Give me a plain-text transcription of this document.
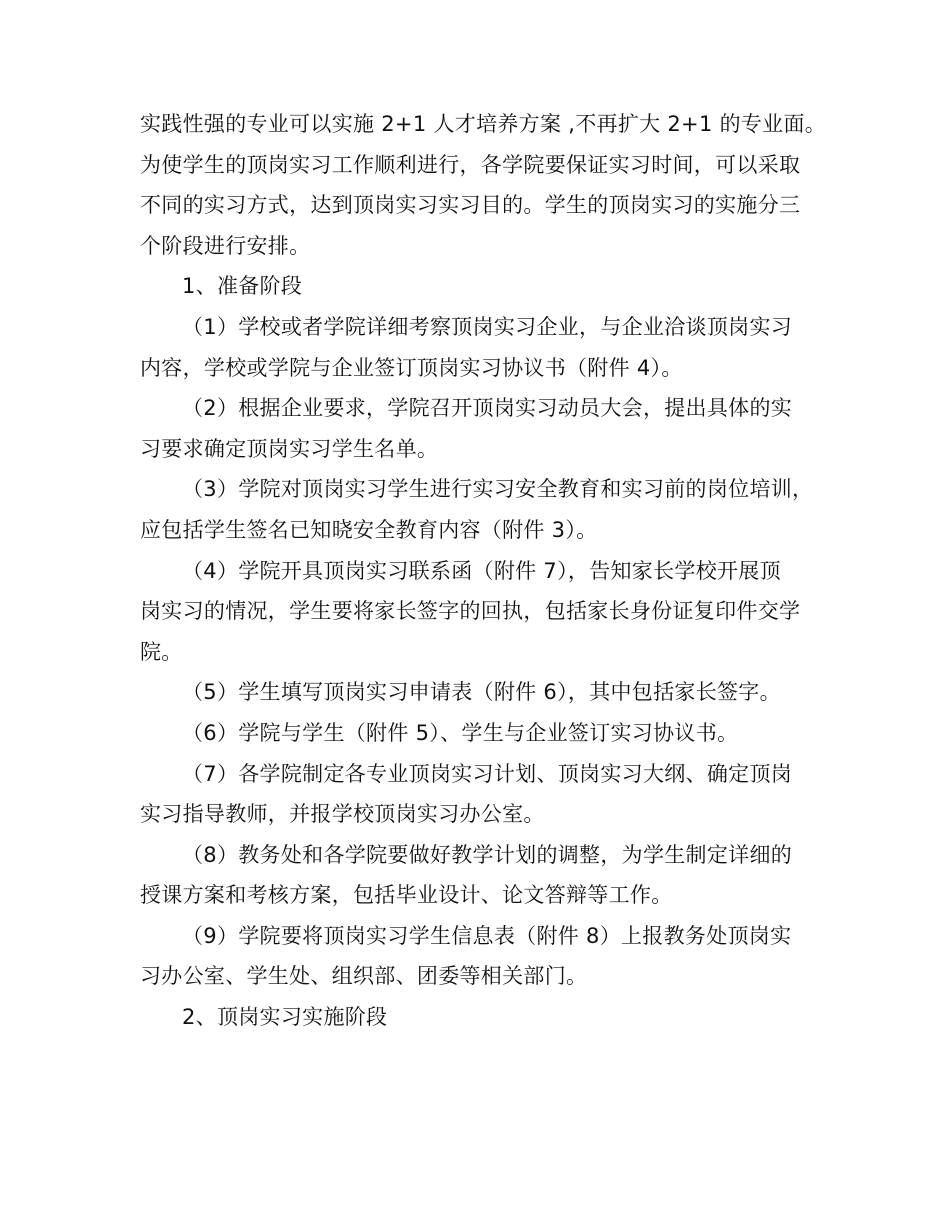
实践性强的专业可以实施 2+1 人才培养方案 ,不再扩大 2+1 的专业面。
为使学生的顶岗实习工作顺利进行，各学院要保证实习时间，可以采取
不同的实习方式，达到顶岗实习实习目的。学生的顶岗实习的实施分三
个阶段进行安排。
1、准备阶段
（1）学校或者学院详细考察顶岗实习企业，与企业洽谈顶岗实习
内容，学校或学院与企业签订顶岗实习协议书（附件 4）。
（2）根据企业要求，学院召开顶岗实习动员大会，提出具体的实
习要求确定顶岗实习学生名单。
（3）学院对顶岗实习学生进行实习安全教育和实习前的岗位培训，
应包括学生签名已知晓安全教育内容（附件 3）。
（4）学院开具顶岗实习联系函（附件 7），告知家长学校开展顶
岗实习的情况，学生要将家长签字的回执，包括家长身份证复印件交学
院。
（5）学生填写顶岗实习申请表（附件 6），其中包括家长签字。
（6）学院与学生（附件 5）、学生与企业签订实习协议书。
（7）各学院制定各专业顶岗实习计划、顶岗实习大纲、确定顶岗
实习指导教师，并报学校顶岗实习办公室。
（8）教务处和各学院要做好教学计划的调整，为学生制定详细的
授课方案和考核方案，包括毕业设计、论文答辩等工作。
（9）学院要将顶岗实习学生信息表（附件 8）上报教务处顶岗实
习办公室、学生处、组织部、团委等相关部门。
2、顶岗实习实施阶段
